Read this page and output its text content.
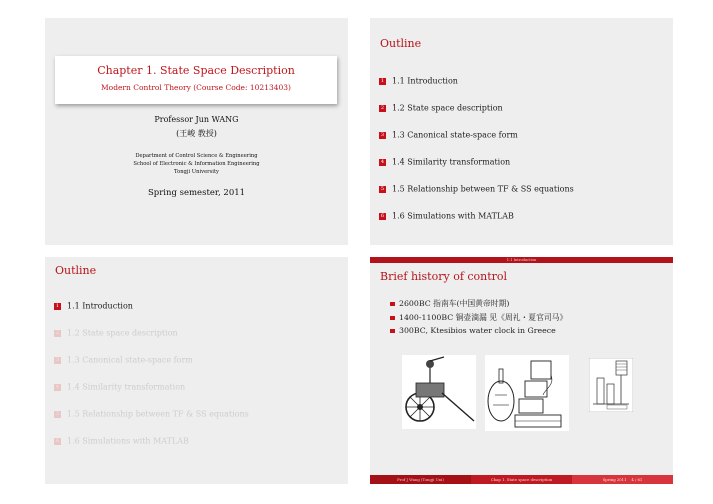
Chapter 1. State Space Description
Modern Control Theory (Course Code: 10213403)
Professor Jun WANG
(王峻 教授)
Department of Control Science & Engineering
School of Electronic & Information Engineering
Tongji University
Spring semester, 2011
Outline
1 1.1 Introduction
2 1.2 State space description
3 1.3 Canonical state-space form
4 1.4 Similarity transformation
5 1.5 Relationship between TF & SS equations
6 1.6 Simulations with MATLAB
Outline
1 1.1 Introduction
2 1.2 State space description
3 1.3 Canonical state-space form
4 1.4 Similarity transformation
5 1.5 Relationship between TF & SS equations
6 1.6 Simulations with MATLAB
1.1 Introduction
Brief history of control
2600BC 指南车(中国黄帝时期)
1400-1100BC 铜壶滴漏 见《周礼・夏官司马》
300BC, Ktesibios water clock in Greece
Prof J Wang (Tongji Uni)	Chap 1. State space description	Spring 2011 4 / 61
